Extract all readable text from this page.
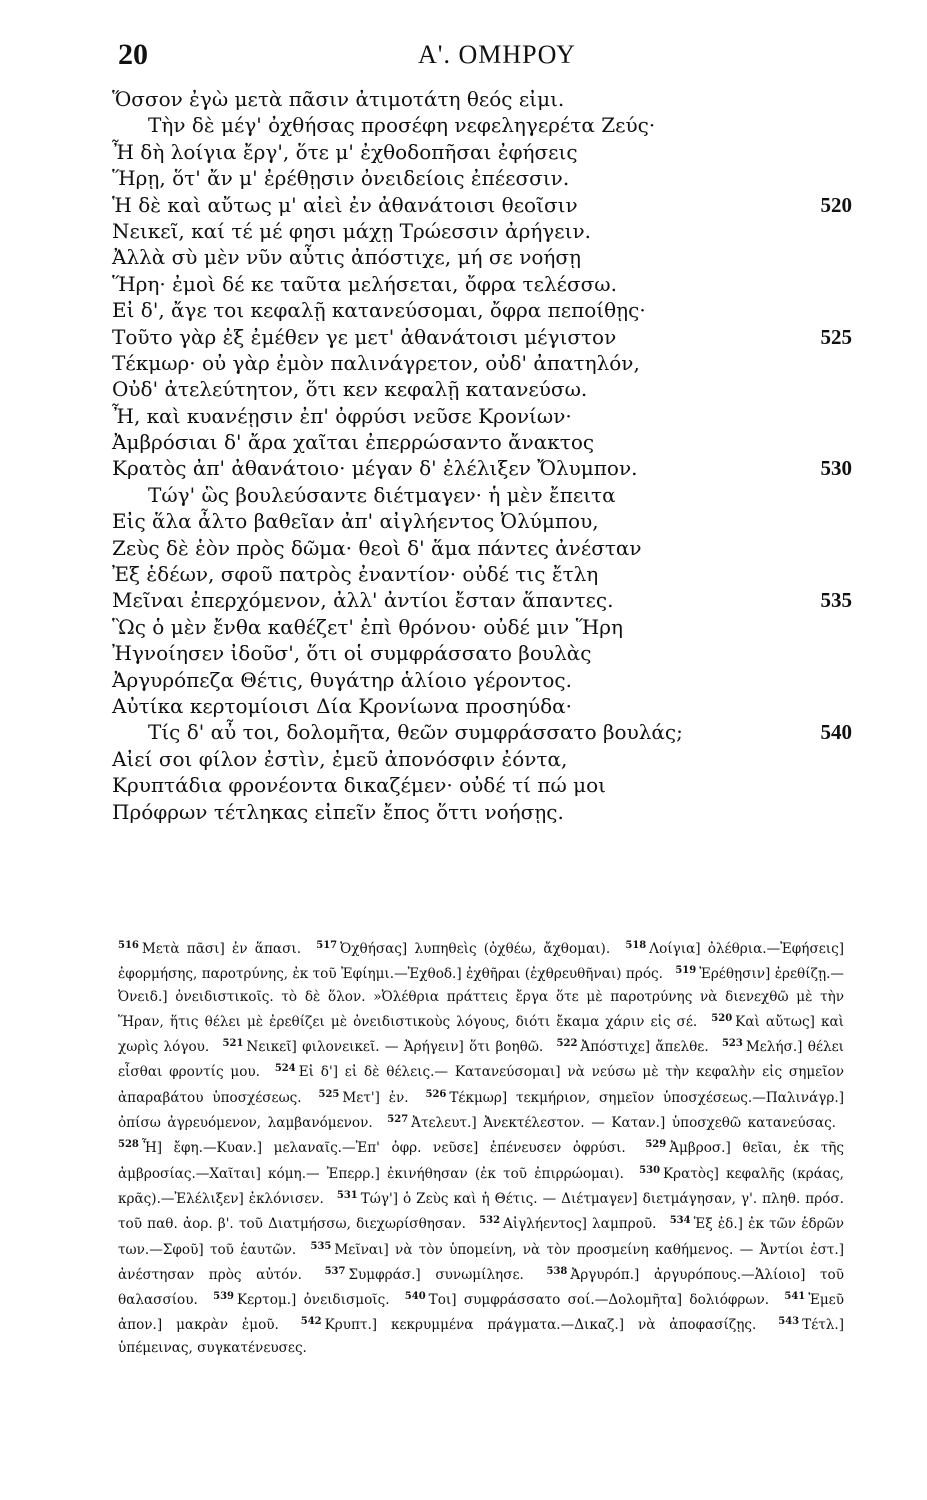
20	Α'. ΟΜΗΡΟΥ
Ὅσσον ἐγὼ μετὰ πᾶσιν ἀτιμοτάτη θεός εἰμι.
Τὴν δὲ μέγ' ὀχθήσας προσέφη νεφεληγερέτα Ζεύς·
Ἦ δὴ λοίγια ἔργ', ὅτε μ' ἐχθοδοπῆσαι ἐφήσεις
Ἥρῃ, ὅτ' ἄν μ' ἐρέθῃσιν ὀνειδείοις ἐπέεσσιν.
Ἡ δὲ καὶ αὔτως μ' αἰεὶ ἐν ἀθανάτοισι θεοῖσιν	520
Νεικεῖ, καί τέ μέ φησι μάχῃ Τρώεσσιν ἀρήγειν.
Ἀλλὰ σὺ μὲν νῦν αὖτις ἀπόστιχε, μή σε νοήσῃ
Ἥρη· ἐμοὶ δέ κε ταῦτα μελήσεται, ὄφρα τελέσσω.
Εἰ δ', ἄγε τοι κεφαλῇ κατανεύσομαι, ὄφρα πεποίθῃς·
Τοῦτο γὰρ ἐξ ἐμέθεν γε μετ' ἀθανάτοισι μέγιστον	525
Τέκμωρ· οὐ γὰρ ἐμὸν παλινάγρετον, οὐδ' ἀπατηλόν,
Οὐδ' ἀτελεύτητον, ὅτι κεν κεφαλῇ κατανεύσω.
Ἦ, καὶ κυανέῃσιν ἐπ' ὀφρύσι νεῦσε Κρονίων·
Ἀμβρόσιαι δ' ἄρα χαῖται ἐπερρώσαντο ἄνακτος
Κρατὸς ἀπ' ἀθανάτοιο· μέγαν δ' ἐλέλιξεν Ὄλυμπον.	530
Τώγ' ὣς βουλεύσαντε διέτμαγεν· ἡ μὲν ἔπειτα
Εἰς ἅλα ἆλτο βαθεῖαν ἀπ' αἰγλήεντος Ὀλύμπου,
Ζεὺς δὲ ἑὸν πρὸς δῶμα· θεοὶ δ' ἅμα πάντες ἀνέσταν
Ἐξ ἑδέων, σφοῦ πατρὸς ἐναντίον· οὐδέ τις ἔτλη
Μεῖναι ἐπερχόμενον, ἀλλ' ἀντίοι ἔσταν ἅπαντες.	535
Ὣς ὁ μὲν ἔνθα καθέζετ' ἐπὶ θρόνου· οὐδέ μιν Ἥρη
Ἠγνοίησεν ἰδοῦσ', ὅτι οἱ συμφράσσατο βουλὰς
Ἀργυρόπεζα Θέτις, θυγάτηρ ἁλίοιο γέροντος.
Αὐτίκα κερτομίοισι Δία Κρονίωνα προσηύδα·
Τίς δ' αὖ τοι, δολομῆτα, θεῶν συμφράσσατο βουλάς;	540
Αἰεί σοι φίλον ἐστὶν, ἐμεῦ ἀπονόσφιν ἐόντα,
Κρυπτάδια φρονέοντα δικαζέμεν· οὐδέ τί πώ μοι
Πρόφρων τέτληκας εἰπεῖν ἔπος ὅττι νοήσῃς.
$^{516}$ Μετὰ πᾶσι] ἐν ἅπασι. $^{517}$ Ὀχθήσας] λυπηθεὶς (ὀχθέω, ἄχθομαι). $^{518}$ Λοίγια] ὀλέθρια.—Ἐφήσεις] ἐφορμήσης, παροτρύνης, ἐκ τοῦ Ἐφίημι.—Ἐχθοδ.] ἐχθῆραι (ἐχθρευθῆναι) πρός. $^{519}$ Ἐρέθῃσιν] ἐρεθίζῃ.—Ὀνειδ.] ὀνειδιστικοῖς. τὸ δὲ ὅλον. »Ὀλέθρια πράττεις ἔργα ὅτε μὲ παροτρύνης νὰ διενεχθῶ μὲ τὴν Ἥραν, ἥτις θέλει μὲ ἐρεθίζει μὲ ὀνειδιστικοὺς λόγους, διότι ἔκαμα χάριν εἰς σέ. $^{520}$ Καὶ αὔτως] καὶ χωρὶς λόγου. $^{521}$ Νεικεῖ] φιλονεικεῖ. — Ἀρήγειν] ὅτι βοηθῶ. $^{522}$ Ἀπόστιχε] ἄπελθε. $^{523}$ Μελήσ.] θέλει εἶσθαι φροντίς μου. $^{524}$ Εἰ δ'] εἰ δὲ θέλεις.— Κατανεύσομαι] νὰ νεύσω μὲ τὴν κεφαλὴν εἰς σημεῖον ἀπαραβάτου ὑποσχέσεως. $^{525}$ Μετ'] ἐν. $^{526}$ Τέκμωρ] τεκμήριον, σημεῖον ὑποσχέσεως.—Παλινάγρ.] ὀπίσω ἀγρευόμενον, λαμβανόμενον. $^{527}$ Ἀτελευτ.] Ἀνεκτέλεστον. — Καταν.] ὑποσχεθῶ κατανεύσας. $^{528}$ Ἦ] ἔφη.—Κυαν.] μελαναῖς.—Ἐπ' ὀφρ. νεῦσε] ἐπένευσεν ὀφρύσι. $^{529}$ Ἀμβροσ.] θεῖαι, ἐκ τῆς ἀμβροσίας.—Χαῖται] κόμη.— Ἐπερρ.] ἐκινήθησαν (ἐκ τοῦ ἐπιρρώομαι). $^{530}$ Κρατὸς] κεφαλῆς (κράας, κρᾶς).—Ἐλέλιξεν] ἐκλόνισεν. $^{531}$ Τώγ'] ὁ Ζεὺς καὶ ἡ Θέτις. — Διέτμαγεν] διετμάγησαν, γ'. πληθ. πρόσ. τοῦ παθ. ἀορ. β'. τοῦ Διατμήσσω, διεχωρίσθησαν. $^{532}$ Αἰγλήεντος] λαμπροῦ. $^{534}$ Ἐξ ἑδ.] ἐκ τῶν ἑδρῶν των.—Σφοῦ] τοῦ ἑαυτῶν. $^{535}$ Μεῖναι] νὰ τὸν ὑπομείνη, νὰ τὸν προσμείνη καθήμενος. — Ἀντίοι ἐστ.] ἀνέστησαν πρὸς αὐτόν. $^{537}$ Συμφράσ.] συνωμίλησε. $^{538}$ Ἀργυρόπ.] ἀργυρόπους.—Ἁλίοιο] τοῦ θαλασσίου. $^{539}$ Κερτομ.] ὀνειδισμοῖς. $^{540}$ Τοι] συμφράσσατο σοί.—Δολομῆτα] δολιόφρων. $^{541}$ Ἐμεῦ ἀπον.] μακρὰν ἐμοῦ. $^{542}$ Κρυπτ.] κεκρυμμένα πράγματα.—Δικαζ.] νὰ ἀποφασίζῃς. $^{543}$ Τέτλ.] ὑπέμεινας, συγκατένευσες.
